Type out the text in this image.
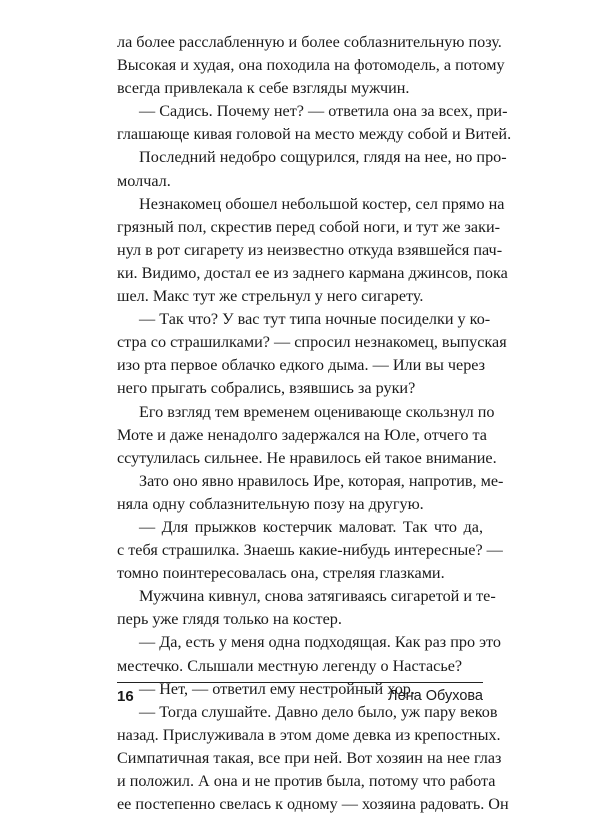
ла более расслабленную и более соблазнительную позу.
Высокая и худая, она походила на фотомодель, а потому
всегда привлекала к себе взгляды мужчин.
— Садись. Почему нет? — ответила она за всех, при-
глашающе кивая головой на место между собой и Витей.
Последний недобро сощурился, глядя на нее, но про-
молчал.
Незнакомец обошел небольшой костер, сел прямо на
грязный пол, скрестив перед собой ноги, и тут же заки-
нул в рот сигарету из неизвестно откуда взявшейся пач-
ки. Видимо, достал ее из заднего кармана джинсов, пока
шел. Макс тут же стрельнул у него сигарету.
— Так что? У вас тут типа ночные посиделки у ко-
стра со страшилками? — спросил незнакомец, выпуская
изо рта первое облачко едкого дыма. — Или вы через
него прыгать собрались, взявшись за руки?
Его взгляд тем временем оценивающе скользнул по
Моте и даже ненадолго задержался на Юле, отчего та
ссутулилась сильнее. Не нравилось ей такое внимание.
Зато оно явно нравилось Ире, которая, напротив, ме-
няла одну соблазнительную позу на другую.
— Для прыжков костерчик маловат. Так что да,
с тебя страшилка. Знаешь какие-нибудь интересные? —
томно поинтересовалась она, стреляя глазками.
Мужчина кивнул, снова затягиваясь сигаретой и те-
перь уже глядя только на костер.
— Да, есть у меня одна подходящая. Как раз про это
местечко. Слышали местную легенду о Настасье?
— Нет, — ответил ему нестройный хор.
— Тогда слушайте. Давно дело было, уж пару веков
назад. Прислуживала в этом доме девка из крепостных.
Симпатичная такая, все при ней. Вот хозяин на нее глаз
и положил. А она и не против была, потому что работа
ее постепенно свелась к одному — хозяина радовать. Он
16	Лена Обухова
